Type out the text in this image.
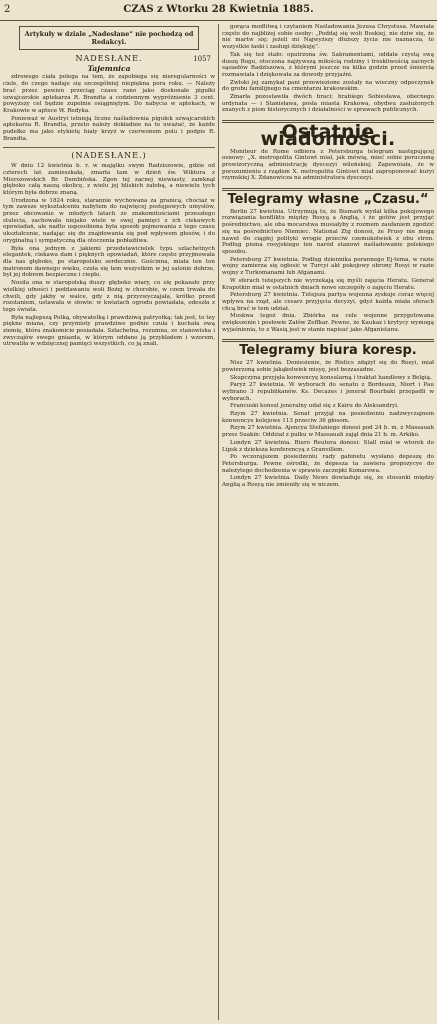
2	CZAS z Wtorku 28 Kwietnia 1885.
Artykuły w dziale „Nadesłane“ nie pochodzą od Redakcyi.
NADESŁANE.	1057
Tajemnica
zdrowego ciała polega na tem, że zapobiega się nieregularności w ciele, do czego nadaje się szczególniej niepiękna pora roku. — Należy brać przez pewien przeciąg czasu rano jako doskonałe pigułki szwajcarskie aptekarza R. Brandta a codziennym wypróżnienie 3 cent. powyższy cel będzie zupełnie osiągniętym. Do nabycia w aptekach, w Krakowie w aptece W. Redyka.
Ponieważ w Austryi istnieją liczne naśladownia pigułek szwajcarskich aptekarza R. Brandta, przeto należy dokładnie na to uważać, że każde pudełko ma jako etykietę biały krzyż w czerwonem polu i podpis R. Brandta.
(NADESŁANE.)
W dniu 12 kwietnia b. r. w majątku swym Radziszowie, gdzie od czterech lat zamieszkała, zmarła tam w dzień św. Wiktora z Mierozowskich Br. Dembińska. Zgon tej zacnej niewiasty, zamknął głęboko całą naszą okolicę, z wielu jej bliskich żałobą, a niewielu tych którym była dobrze znaną.
Urodzona w 1824 roku, starannie wychowana za granicą, chociaż w tym zawsze wykształceniu nabytem do najwięcej postępowych umysłów, przez obcowanie w młodych latach ze znakomitościami przeszłego stulecia, zachowała niejako wiele w swej pamięci z ich ciekawych opowiadań, ale nadto usposobiona była sposób pojmowania z tego czasu ukształcenie, nadając się do znajdowania się pod wpływem głosów, i do oryginalną i sympatyczną dla otoczenia pobłażliwa.
Była ona jednym z jakiemi przedstawicielek typu szlachetnych elegantek, ciekawa dam i pięknych opowiadań, które często przyjmowała dla nas głęboko, po staropolsku serdecznie. Gościnna, miała ten ton matronom dawnego wieku, czuła się tem wszystkim w jej salonie dobrze, był jej dobrem bezpieczne i ciepło.
Nosiła ona w staropolską duszy głęboko wiary, co się pokazało przy wielkiej ufności i poddawaniu woli Bożej w chorobie, w czem trwała do chwili, gdy jakby w walce, gdy z nią przyzwyczajała, krótko przed rozstaniem, ustawała w słowie: w kwiatach ogrodu powiadała, odeszła z tego świata.
Była najlepszą Polką, obywatelką i prawdziwą patryotką; tak jest, to tey piękne miana, czy przymioty prawdziwe godnie czuła i kochała ową ziemię, która znakomicie posiadała. Szlachetna, rozumna, ze stanowiska i zwyczajów swego gniazda, w którym oddano ją przykładem i wzorem, utrwaliła w wdzięcznej pamięci wszystkich, co ją znali.
gorąca modlitwą i czytaniem Naśladowania Jezusa Chrystusa. Mawiała często do najbliżej sobie osoby: „Poddaj się woli Boskiej, nie dziw się, że nie martw się; jeżeli mi Najwyższy dłuższy życia nie naznacza, to wszystkie łaski i zasługi dziękuję”.
Tak się też stało: opatrzona św. Sakramentami, oddała czystą swą duszę Bogu, otoczona najżywszą miłością rodziny i troskliwością zacnych sąsiadów Radziszowa, z którymi jeszcze na kilka godzin przed śmiercią rozmawiała i dziękowała za dowody przyjaźni.
Zwłoki jej zamykał pani przewiezione zostały na wieczny odpoczynek do grobu familijnego na cmentarzu krakowskim.
Zmarła pozostawiła dwóch braci: hrabiego Sobiesława, obecnego ordynata — i Stanisława, posła miasta Krakowa, obydwu zasłużonych znanych z pism historycznych i działalności w sprawach publicznych.
Ostatnie wiadomości.
Moniteur de Rome odbiera z Petersburga telegram następującej osnowy: „X. metropolita Gintowt miał, jak mówią, mieć sobie poruczoną prowizoryczną administrację dyecezyi wileńskiej. Zapewniała, że w porozumieniu z rządem X. metropolita Gintowt miał zaproponować kuryi rzymskiej X. Zdanowicza na administratora dyecezyi.
Telegramy własne „Czasu.“
Berlin 27 kwietnia. Utrzymują tu, że Bismark wydał kilka pokojowego rozwiązania konfliktu między Rosyą a Anglią, i że gotów jest przyjąć pośrednictwo, ale oba mocarstwa musiałyby z rozmem zaufaniem zgodzić się na pośrednictwo Niemiec. National Ztg donosi, że Prusy nie mogą nawet do ciągłej polityki wrogie przeciw czemukolwiek z obu stron. Podług pisma rosyjskiego ten naród stanowi naśladowanie polskiego sposobu.
Petersburg 27 kwietnia. Podług dziennika porannego Ej-tema, w razie wojny zamierza się ogłosić w Turcyi akt pokojowy obrony Rosyi w razie wojny z Turkomanami lub Afganami.
W sferach tutejszych nie wyrzekają się myśli zajęcia Heratu. Generał Krapotkin miał w ostatnich dniach nowe szczegóły o zajęciu Heratu.
Petersburg 27 kwietnia. Tutejsza partya wojenna zyskuje coraz więcej wpływu na rząd, ale cesarz przyjęcia decyzyi, gdyż każda miała sferach chcą brać w tem udział.
Moskwa tegoż dnia. Zbiórka na cele wojenne przygotowana zwiększenie i posłowie Załów Zeffkar. Pewne, że Kaukaz i krytycy wymogą wyjaśnienia, to z Wasią jest w stanie napisać jako Afganistanu.
Telegramy biura koresp.
Nisz 27 kwietnia. Doniesienie, że Ristics zdążył się do Rosyi, miał powierzoną sobie jakąkolwiek misyę, jest bezzasadne.
Skupczyna przyjęła konwencyę konsularną i traktat handlowy z Belgią.
Paryż 27 kwietnia. W wyborach do senatu z Bordeaux, Niort i Pau wybrano 3 republikanów. Ks. Decazes i jenerał Bourbaki przepadli w wyborach.
Francuski konsul jeneralny udał się z Kairu do Aleksandryi.
Rzym 27 kwietnia. Senat przyjął na posiedzeniu nadzwyczajnem konwencye kolejowe 113 przeciw 36 głosom.
Rzym 27 kwietnia. Ajencya Stefaniego donosi pod 24 b. m. z Massauah przez Suakin: Oddział z pułku w Massauah zajął dnia 21 b. m. Arkiko.
Londyn 27 kwietnia. Biuro Reutera donosi: Stall miał w wtorek do Lipsk z dzieksza konferencyą z Granvillem.
Po wczorajszem posiedzeniu rady gabinetu wysłano depeszę do Petersburga. Pewne ośrodki, że depesza ta zawiera propozycye do należytego dochodzenia w sprawie zaczepki Komarowa.
Londyn 27 kwietnia. Daily News dowiaduje się, że stosunki między Anglią a Rosyą nie zmieniły się w niczem.
